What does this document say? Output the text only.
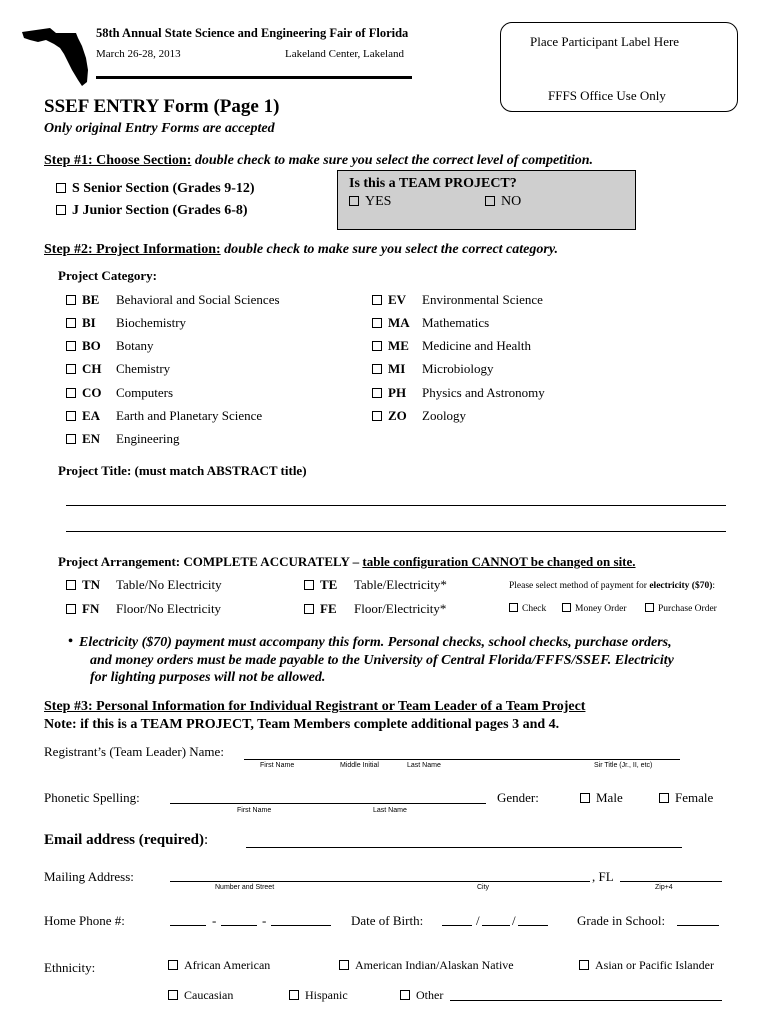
58th Annual State Science and Engineering Fair of Florida
March 26-28, 2013	Lakeland Center, Lakeland
Place Participant Label Here
FFFS Office Use Only
SSEF ENTRY Form (Page 1)
Only original Entry Forms are accepted
Step #1: Choose Section: double check to make sure you select the correct level of competition.
S Senior Section (Grades 9-12)
J Junior Section (Grades 6-8)
Is this a TEAM PROJECT?
YES	NO
Step #2: Project Information: double check to make sure you select the correct category.
Project Category:
BE Behavioral and Social Sciences
BI Biochemistry
BO Botany
CH Chemistry
CO Computers
EA Earth and Planetary Science
EN Engineering
EV Environmental Science
MA Mathematics
ME Medicine and Health
MI Microbiology
PH Physics and Astronomy
ZO Zoology
Project Title: (must match ABSTRACT title)
Project Arrangement: COMPLETE ACCURATELY – table configuration CANNOT be changed on site.
TN Table/No Electricity
FN Floor/No Electricity
TE Table/Electricity*
FE Floor/Electricity*
Please select method of payment for electricity ($70):
Check	Money Order	Purchase Order
• Electricity ($70) payment must accompany this form. Personal checks, school checks, purchase orders,
and money orders must be made payable to the University of Central Florida/FFFS/SSEF. Electricity
for lighting purposes will not be allowed.
Step #3: Personal Information for Individual Registrant or Team Leader of a Team Project
Note: if this is a TEAM PROJECT, Team Members complete additional pages 3 and 4.
Registrant’s (Team Leader) Name:
First Name	Middle Initial	Last Name	Sir Title (Jr., II, etc)
Phonetic Spelling:
First Name	Last Name
Gender:	Male	Female
Email address (required):
Mailing Address:	, FL
Number and Street	City	Zip+4
Home Phone #:	-	-	Date of Birth:	/ /	Grade in School:
Ethnicity:	African American	American Indian/Alaskan Native	Asian or Pacific Islander
Caucasian	Hispanic	Other
